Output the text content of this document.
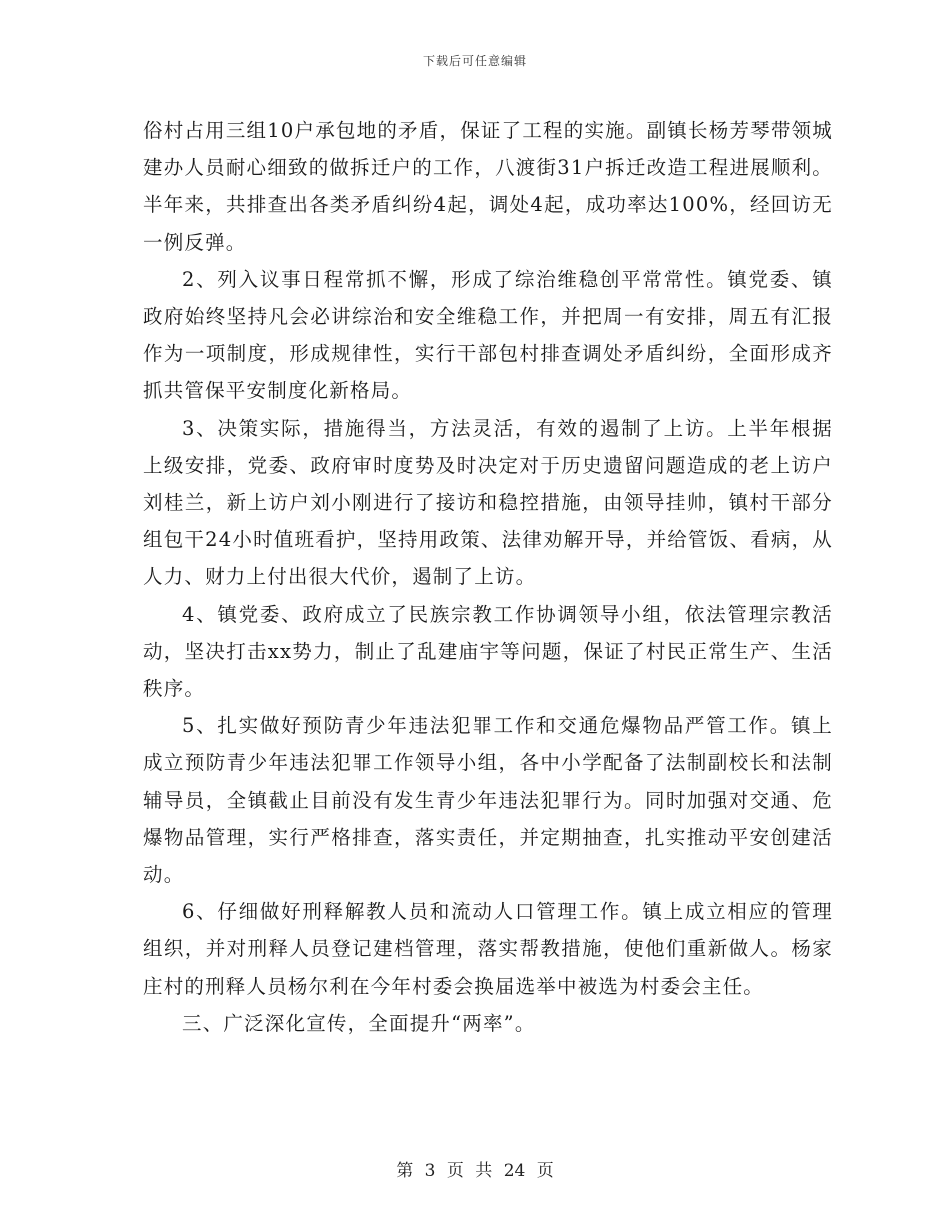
下载后可任意编辑

俗村占用三组10户承包地的矛盾，保证了工程的实施。副镇长杨芳琴带领城建办人员耐心细致的做拆迁户的工作，八渡街31户拆迁改造工程进展顺利。半年来，共排查出各类矛盾纠纷4起，调处4起，成功率达100%，经回访无一例反弹。

2、列入议事日程常抓不懈，形成了综治维稳创平常常性。镇党委、镇政府始终坚持凡会必讲综治和安全维稳工作，并把周一有安排，周五有汇报作为一项制度，形成规律性，实行干部包村排查调处矛盾纠纷，全面形成齐抓共管保平安制度化新格局。

3、决策实际，措施得当，方法灵活，有效的遏制了上访。上半年根据上级安排，党委、政府审时度势及时决定对于历史遗留问题造成的老上访户刘桂兰，新上访户刘小刚进行了接访和稳控措施，由领导挂帅，镇村干部分组包干24小时值班看护，坚持用政策、法律劝解开导，并给管饭、看病，从人力、财力上付出很大代价，遏制了上访。

4、镇党委、政府成立了民族宗教工作协调领导小组，依法管理宗教活动，坚决打击xx势力，制止了乱建庙宇等问题，保证了村民正常生产、生活秩序。

5、扎实做好预防青少年违法犯罪工作和交通危爆物品严管工作。镇上成立预防青少年违法犯罪工作领导小组，各中小学配备了法制副校长和法制辅导员，全镇截止目前没有发生青少年违法犯罪行为。同时加强对交通、危爆物品管理，实行严格排查，落实责任，并定期抽查，扎实推动平安创建活动。

6、仔细做好刑释解教人员和流动人口管理工作。镇上成立相应的管理组织，并对刑释人员登记建档管理，落实帮教措施，使他们重新做人。杨家庄村的刑释人员杨尔利在今年村委会换届选举中被选为村委会主任。

三、广泛深化宣传，全面提升“两率”。

第 3 页 共 24 页
